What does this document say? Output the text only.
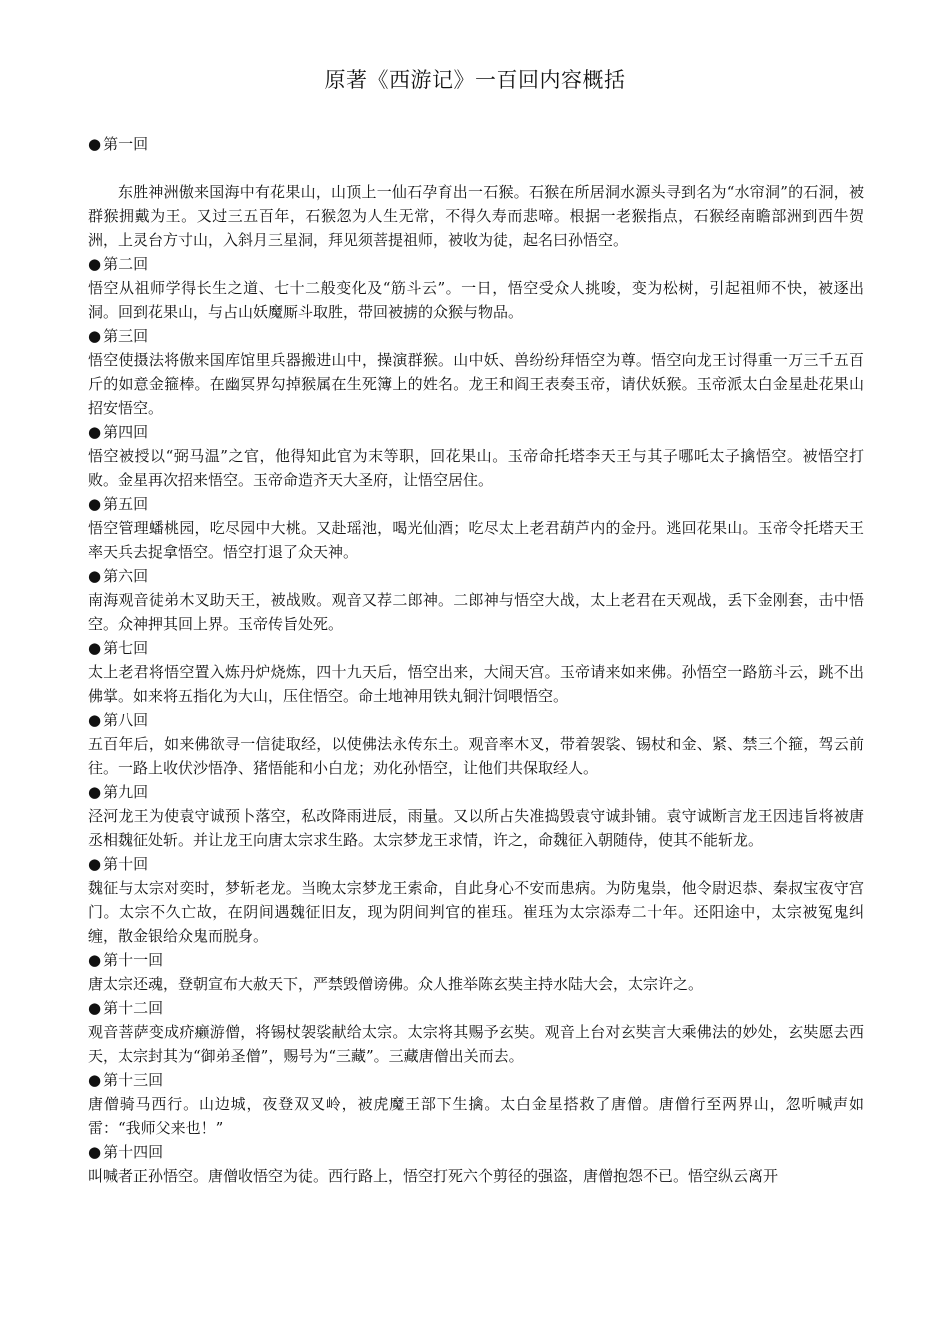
原著《西游记》一百回内容概括
● 第一回

东胜神洲傲来国海中有花果山，山顶上一仙石孕育出一石猴。石猴在所居洞水源头寻到名为“水帘洞”的石洞，被群猴拥戴为王。又过三五百年，石猴忽为人生无常，不得久寿而悲啼。根据一老猴指点，石猴经南瞻部洲到西牛贺洲，上灵台方寸山，入斜月三星洞，拜见须菩提祖师，被收为徒，起名曰孙悟空。

● 第二回

悟空从祖师学得长生之道、七十二般变化及“筋斗云”。一日，悟空受众人挑唆，变为松树，引起祖师不快，被逐出洞。回到花果山，与占山妖魔厮斗取胜，带回被掳的众猴与物品。

● 第三回

悟空使摄法将傲来国库馆里兵器搬进山中，操演群猴。山中妖、兽纷纷拜悟空为尊。悟空向龙王讨得重一万三千五百斤的如意金箍棒。在幽冥界勾掉猴属在生死簿上的姓名。龙王和阎王表奏玉帝，请伏妖猴。玉帝派太白金星赴花果山招安悟空。

● 第四回

悟空被授以“弼马温”之官，他得知此官为末等职，回花果山。玉帝命托塔李天王与其子哪吒太子擒悟空。被悟空打败。金星再次招来悟空。玉帝命造齐天大圣府，让悟空居住。

● 第五回

悟空管理蟠桃园，吃尽园中大桃。又赴瑶池，喝光仙酒；吃尽太上老君葫芦内的金丹。逃回花果山。玉帝令托塔天王率天兵去捉拿悟空。悟空打退了众天神。

● 第六回

南海观音徒弟木叉助天王，被战败。观音又荐二郎神。二郎神与悟空大战，太上老君在天观战，丢下金刚套，击中悟空。众神押其回上界。玉帝传旨处死。

● 第七回

太上老君将悟空置入炼丹炉烧炼，四十九天后，悟空出来，大闹天宫。玉帝请来如来佛。孙悟空一路筋斗云，跳不出佛掌。如来将五指化为大山，压住悟空。命土地神用铁丸铜汁饲喂悟空。

● 第八回

五百年后，如来佛欲寻一信徒取经，以使佛法永传东土。观音率木叉，带着袈裟、锡杖和金、紧、禁三个箍，驾云前往。一路上收伏沙悟净、猪悟能和小白龙；劝化孙悟空，让他们共保取经人。

● 第九回

泾河龙王为使袁守诚预卜落空，私改降雨进辰，雨量。又以所占失准捣毁袁守诚卦铺。袁守诚断言龙王因违旨将被唐丞相魏征处斩。并让龙王向唐太宗求生路。太宗梦龙王求情，许之，命魏征入朝随侍，使其不能斩龙。

● 第十回

魏征与太宗对奕时，梦斩老龙。当晚太宗梦龙王索命，自此身心不安而患病。为防鬼祟，他令尉迟恭、秦叔宝夜守宫门。太宗不久亡故，在阴间遇魏征旧友，现为阴间判官的崔珏。崔珏为太宗添寿二十年。还阳途中，太宗被冤鬼纠缠，散金银给众鬼而脱身。

● 第十一回

唐太宗还魂，登朝宣布大赦天下，严禁毁僧谤佛。众人推举陈玄奘主持水陆大会，太宗许之。

● 第十二回

观音菩萨变成疥癞游僧，将锡杖袈裟献给太宗。太宗将其赐予玄奘。观音上台对玄奘言大乘佛法的妙处，玄奘愿去西天，太宗封其为“御弟圣僧”，赐号为“三藏”。三藏唐僧出关而去。

● 第十三回

唐僧骑马西行。山边城，夜登双叉岭，被虎魔王部下生擒。太白金星搭救了唐僧。唐僧行至两界山，忽听喊声如雷：“我师父来也！”

● 第十四回

叫喊者正孙悟空。唐僧收悟空为徒。西行路上，悟空打死六个剪径的强盗，唐僧抱怨不已。悟空纵云离开
